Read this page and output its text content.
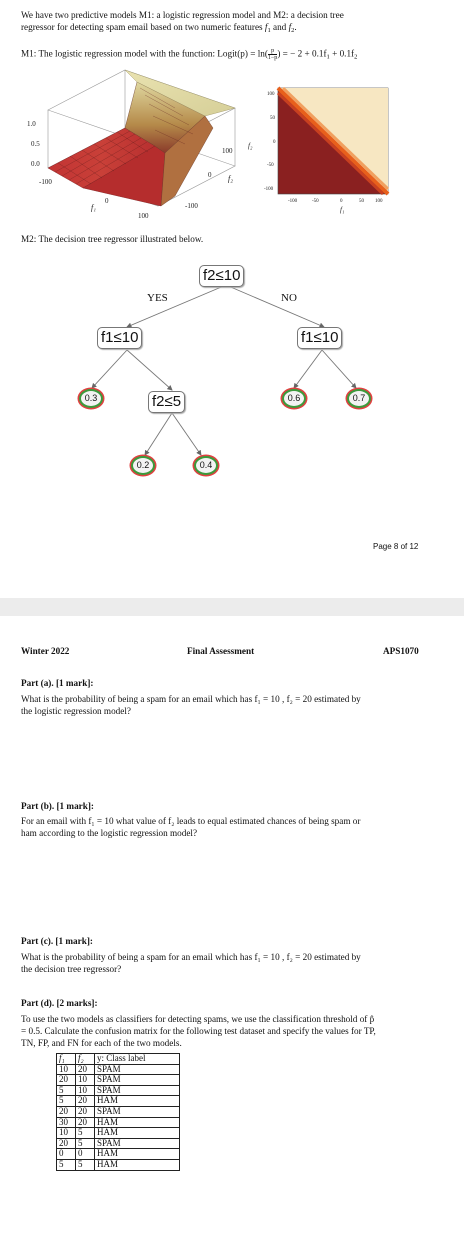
We have two predictive models M1: a logistic regression model and M2: a decision tree
regressor for detecting spam email based on two numeric features $f_1$ and $f_2$.
M1: The logistic regression model with the function: Logit(p) = $\ln( \frac{p}{1-p}$ ) = − $2 + 0.1f_1 + 0.1f_2$
1.0
0.5
0.0
-100
0
100
f₁
100
0
-100
f₂
f₂
100
50
0
-50
-100
-100	-50	0	50 100
f₁
M2: The decision tree regressor illustrated below.
f2≤10
YES	NO
f1≤10	f1≤10
0.3	f2≤5	0.6	0.7
0.2	0.4
Page 8 of 12
Winter 2022	Final Assessment	APS1070
Part (a). [1 mark]:
What is the probability of being a spam for an email which has f₁ = 10 , f₂ = 20 estimated by
the logistic regression model?
Part (b). [1 mark]:
For an email with f₁ = 10 what value of f₂ leads to equal estimated chances of being spam or
ham according to the logistic regression model?
Part (c). [1 mark]:
What is the probability of being a spam for an email which has f₁ = 10 , f₂ = 20 estimated by
the decision tree regressor?
Part (d). [2 marks]:
To use the two models as classifiers for detecting spams, we use the classification threshold of p̂
= 0.5. Calculate the confusion matrix for the following test dataset and specify the values for TP,
TN, FP, and FN for each of the two models.
f₁	f₂	y: Class label
10	20	SPAM
20	10	SPAM
5	10	SPAM
5	20	HAM
20	20	SPAM
30	20	HAM
10	5	HAM
20	5	SPAM
0	0	HAM
5	5	HAM
